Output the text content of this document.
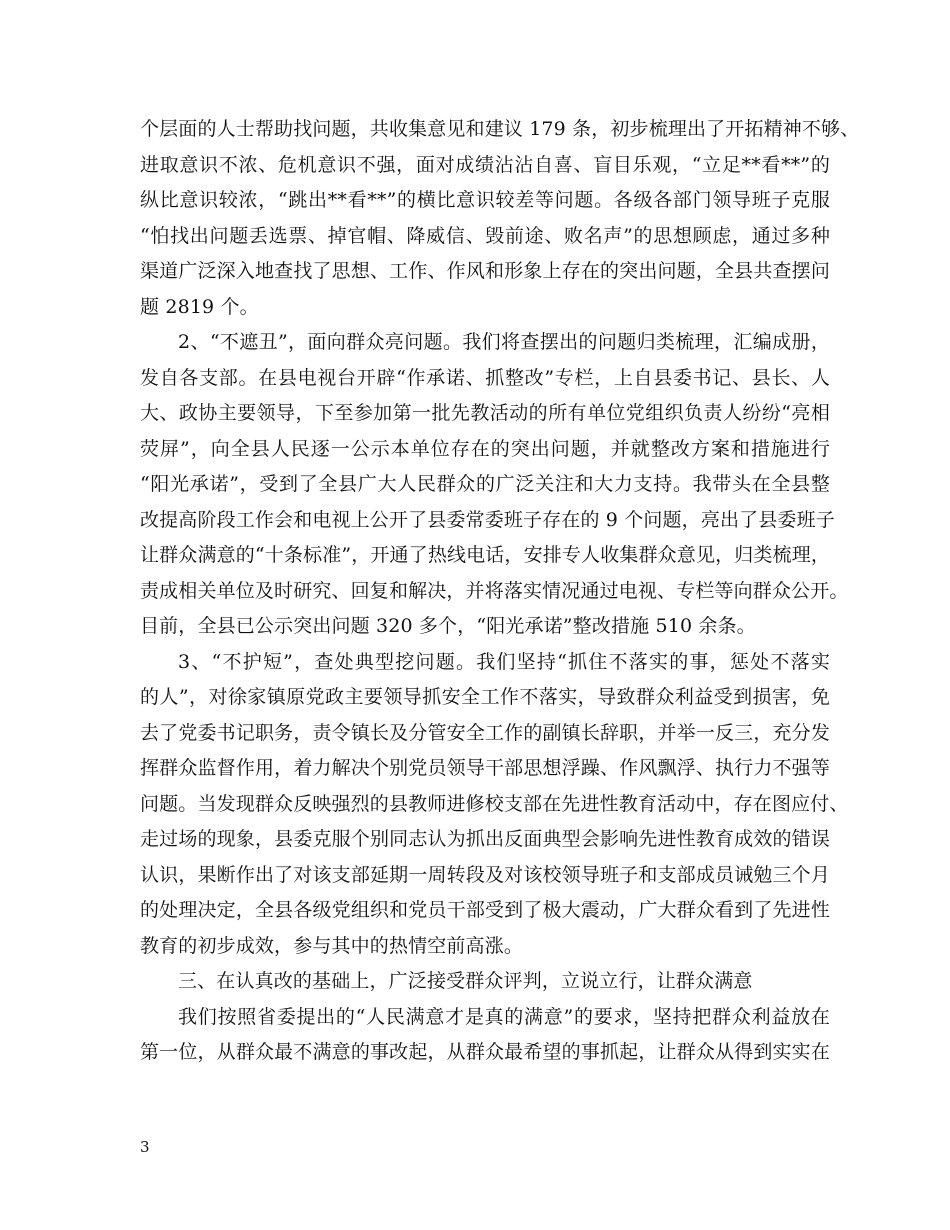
个层面的人士帮助找问题，共收集意见和建议 179 条，初步梳理出了开拓精神不够、
进取意识不浓、危机意识不强，面对成绩沾沾自喜、盲目乐观，“立足**看**”的
纵比意识较浓，“跳出**看**”的横比意识较差等问题。各级各部门领导班子克服
“怕找出问题丢选票、掉官帽、降威信、毁前途、败名声”的思想顾虑，通过多种
渠道广泛深入地查找了思想、工作、作风和形象上存在的突出问题，全县共查摆问
题 2819 个。
2、“不遮丑”，面向群众亮问题。我们将查摆出的问题归类梳理，汇编成册，
发自各支部。在县电视台开辟“作承诺、抓整改”专栏，上自县委书记、县长、人
大、政协主要领导，下至参加第一批先教活动的所有单位党组织负责人纷纷“亮相
荧屏”，向全县人民逐一公示本单位存在的突出问题，并就整改方案和措施进行
“阳光承诺”，受到了全县广大人民群众的广泛关注和大力支持。我带头在全县整
改提高阶段工作会和电视上公开了县委常委班子存在的 9 个问题，亮出了县委班子
让群众满意的“十条标准”，开通了热线电话，安排专人收集群众意见，归类梳理，
责成相关单位及时研究、回复和解决，并将落实情况通过电视、专栏等向群众公开。
目前，全县已公示突出问题 320 多个，“阳光承诺”整改措施 510 余条。
3、“不护短”，查处典型挖问题。我们坚持“抓住不落实的事，惩处不落实
的人”，对徐家镇原党政主要领导抓安全工作不落实，导致群众利益受到损害，免
去了党委书记职务，责令镇长及分管安全工作的副镇长辞职，并举一反三，充分发
挥群众监督作用，着力解决个别党员领导干部思想浮躁、作风飘浮、执行力不强等
问题。当发现群众反映强烈的县教师进修校支部在先进性教育活动中，存在图应付、
走过场的现象，县委克服个别同志认为抓出反面典型会影响先进性教育成效的错误
认识，果断作出了对该支部延期一周转段及对该校领导班子和支部成员诫勉三个月
的处理决定，全县各级党组织和党员干部受到了极大震动，广大群众看到了先进性
教育的初步成效，参与其中的热情空前高涨。
三、在认真改的基础上，广泛接受群众评判，立说立行，让群众满意
我们按照省委提出的“人民满意才是真的满意”的要求，坚持把群众利益放在
第一位，从群众最不满意的事改起，从群众最希望的事抓起，让群众从得到实实在
3
